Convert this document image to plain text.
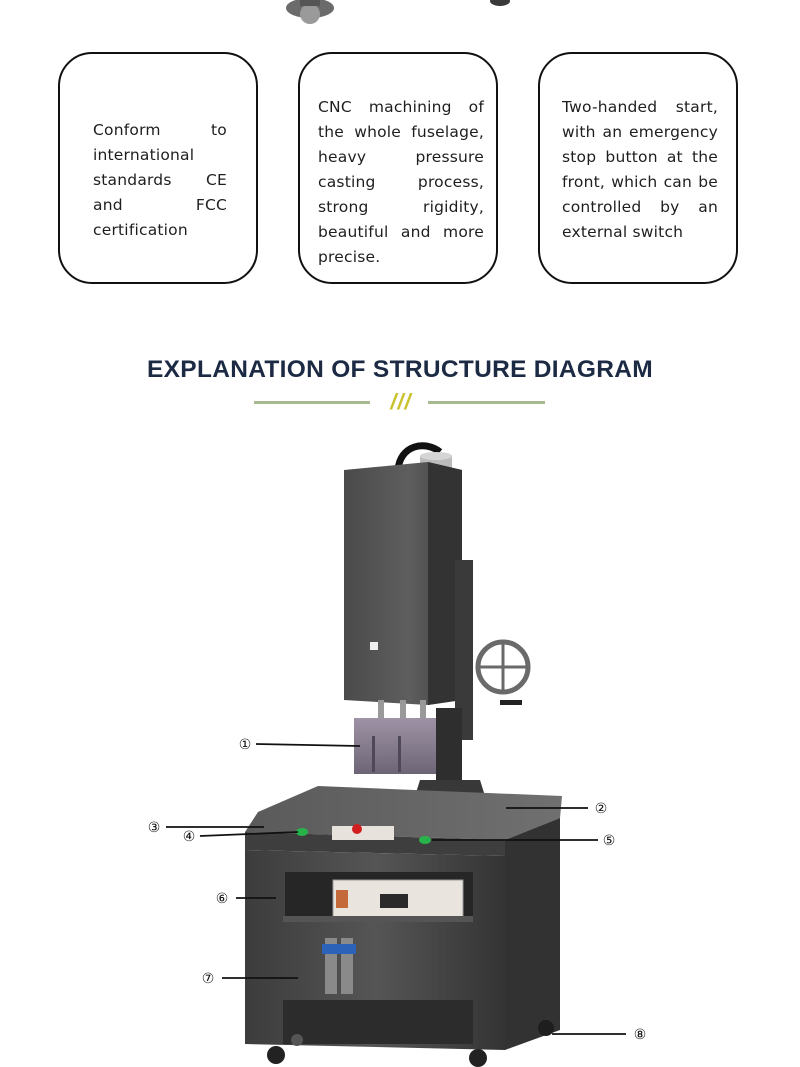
Conform to international standards CE and FCC certification

CNC machining of the whole fuselage, heavy pressure casting process, strong rigidity, beautiful and more precise.

Two-handed start, with an emergency stop button at the front, which can be controlled by an external switch

EXPLANATION OF STRUCTURE DIAGRAM
///
①
②
③
④	⑤
⑥
⑦
⑧
